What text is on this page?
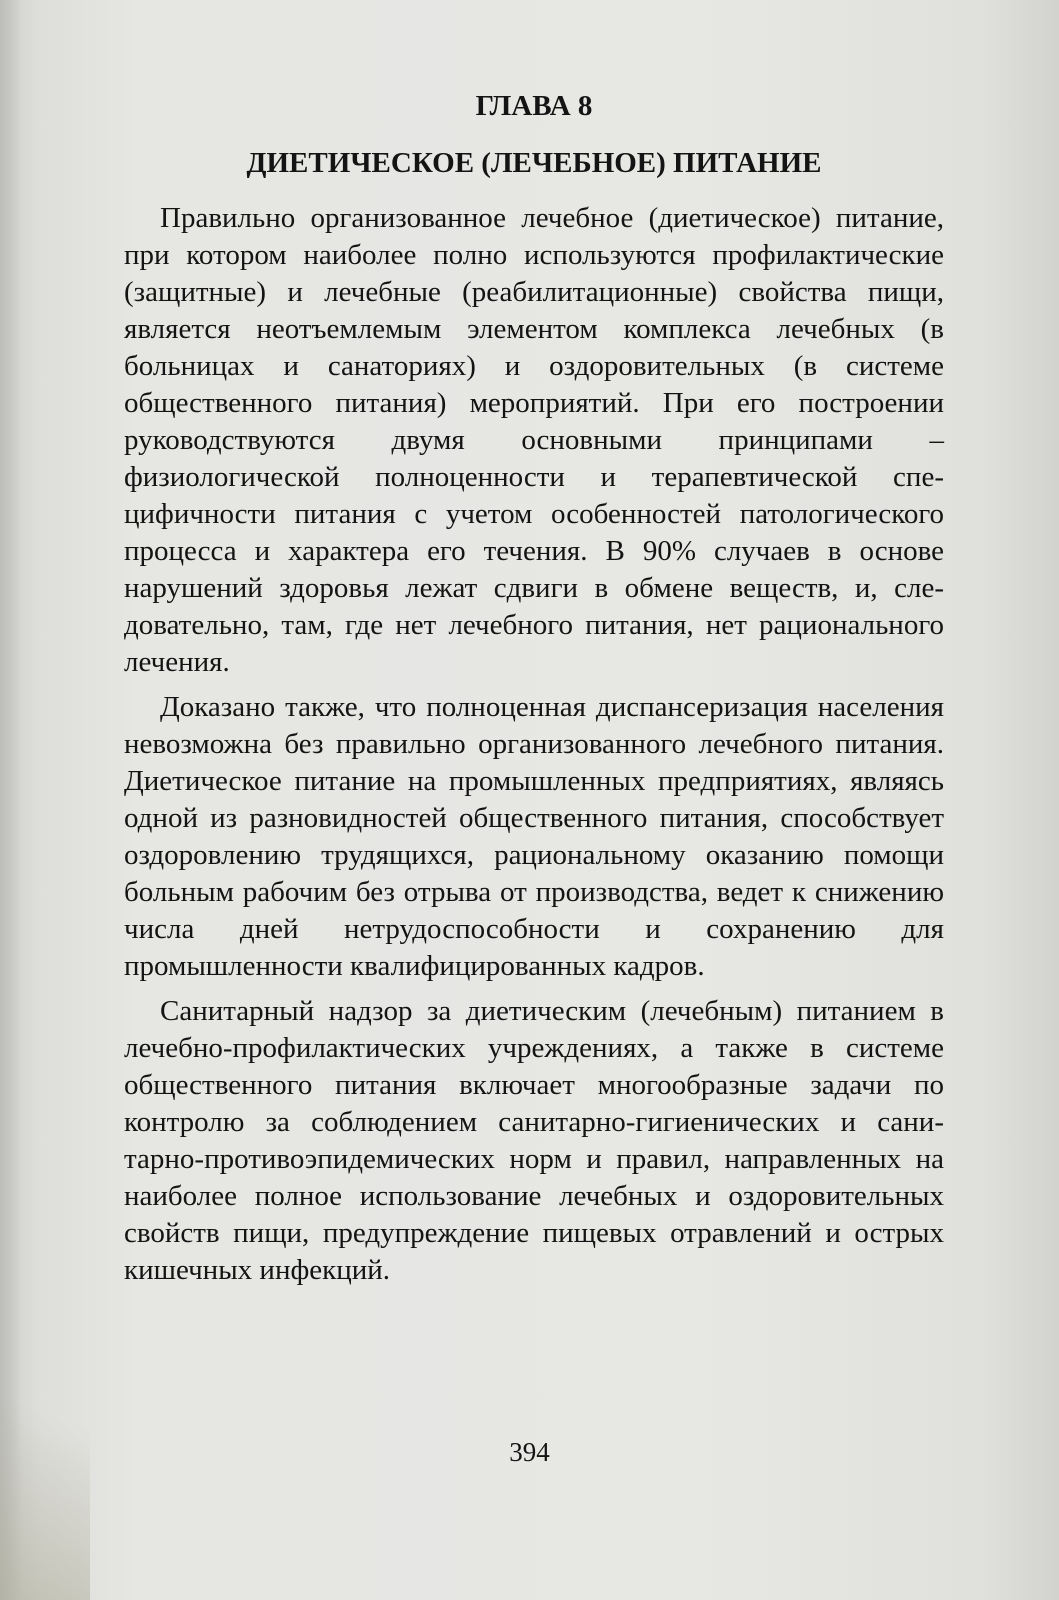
ГЛАВА 8
ДИЕТИЧЕСКОЕ (ЛЕЧЕБНОЕ) ПИТАНИЕ

Правильно организованное лечебное (диетическое) питание, при котором наиболее полно используются профилактические (защитные) и лечебные (реабилитационные) свойства пищи, является неотъемлемым элементом комплекса лечебных (в больницах и санаториях) и оздоровительных (в системе общественного питания) мероприятий. При его построении руководствуются двумя основными принципами – физиологической полноценности и терапевтической специфичности питания с учетом особенностей патологического процесса и характера его течения. В 90% случаев в основе нарушений здоровья лежат сдвиги в обмене веществ, и, следовательно, там, где нет лечебного питания, нет рационального лечения.

Доказано также, что полноценная диспансеризация населения невозможна без правильно организованного лечебного питания. Диетическое питание на промышленных предприятиях, являясь одной из разновидностей общественного питания, способствует оздоровлению трудящихся, рациональному оказанию помощи больным рабочим без отрыва от производства, ведет к снижению числа дней нетрудоспособности и сохранению для промышленности квалифицированных кадров.

Санитарный надзор за диетическим (лечебным) питанием в лечебно-профилактических учреждениях, а также в системе общественного питания включает многообразные задачи по контролю за соблюдением санитарно-гигиенических и санитарно-противоэпидемических норм и правил, направленных на наиболее полное использование лечебных и оздоровительных свойств пищи, предупреждение пищевых отравлений и острых кишечных инфекций.

394
